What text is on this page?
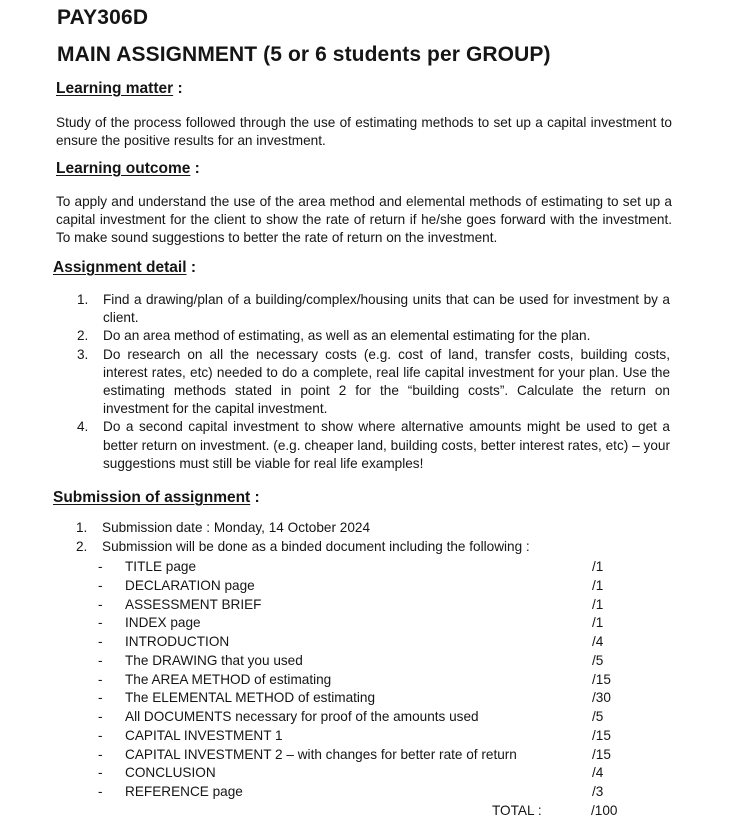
PAY306D
MAIN ASSIGNMENT (5 or 6 students per GROUP)
Learning matter :
Study of the process followed through the use of estimating methods to set up a capital investment to ensure the positive results for an investment.
Learning outcome :
To apply and understand the use of the area method and elemental methods of estimating to set up a capital investment for the client to show the rate of return if he/she goes forward with the investment. To make sound suggestions to better the rate of return on the investment.
Assignment detail :
1. Find a drawing/plan of a building/complex/housing units that can be used for investment by a client.
2. Do an area method of estimating, as well as an elemental estimating for the plan.
3. Do research on all the necessary costs (e.g. cost of land, transfer costs, building costs, interest rates, etc) needed to do a complete, real life capital investment for your plan. Use the estimating methods stated in point 2 for the “building costs”. Calculate the return on investment for the capital investment.
4. Do a second capital investment to show where alternative amounts might be used to get a better return on investment. (e.g. cheaper land, building costs, better interest rates, etc) – your suggestions must still be viable for real life examples!
Submission of assignment :
1. Submission date : Monday, 14 October 2024
2. Submission will be done as a binded document including the following :
- TITLE page	/1
- DECLARATION page	/1
- ASSESSMENT BRIEF	/1
- INDEX page	/1
- INTRODUCTION	/4
- The DRAWING that you used	/5
- The AREA METHOD of estimating	/15
- The ELEMENTAL METHOD of estimating	/30
- All DOCUMENTS necessary for proof of the amounts used	/5
- CAPITAL INVESTMENT 1	/15
- CAPITAL INVESTMENT 2 – with changes for better rate of return	/15
- CONCLUSION	/4
- REFERENCE page	/3
TOTAL :	/100
